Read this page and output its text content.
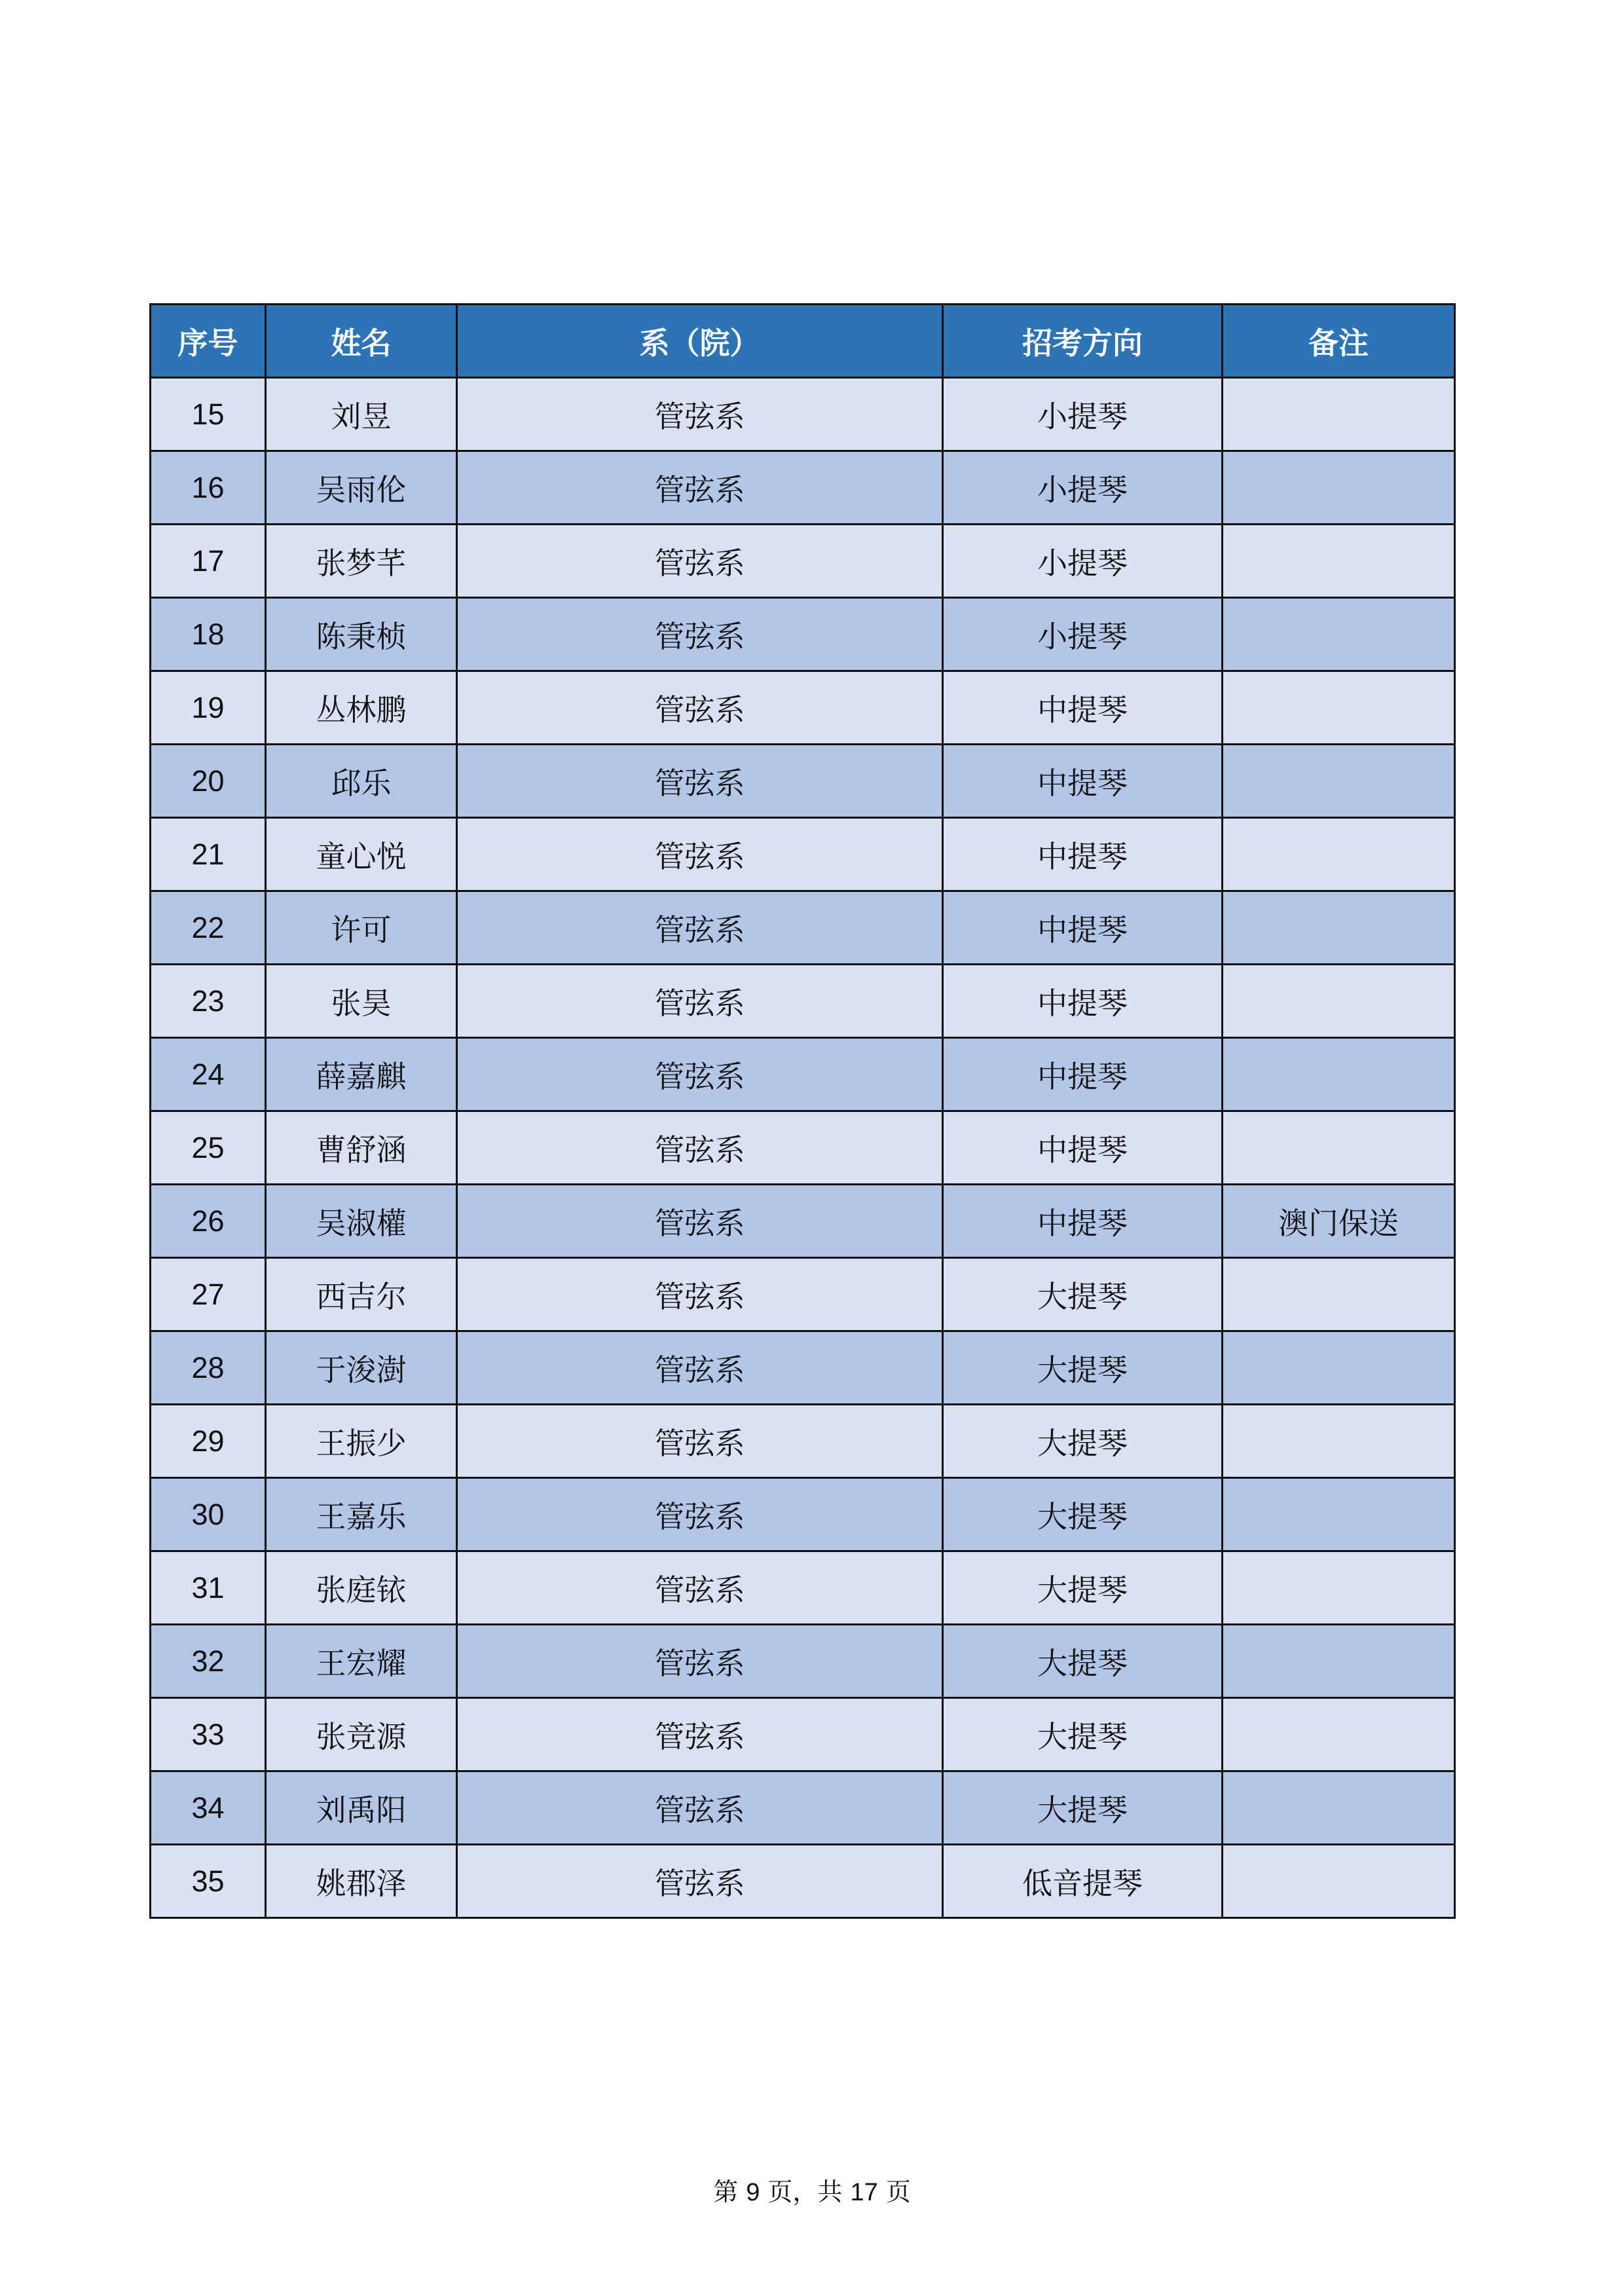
序号	姓名	系（院）	招考方向	备注
15	刘昱	管弦系	小提琴	
16	吴雨伦	管弦系	小提琴	
17	张梦芊	管弦系	小提琴	
18	陈秉桢	管弦系	小提琴	
19	丛林鹏	管弦系	中提琴	
20	邱乐	管弦系	中提琴	
21	童心悦	管弦系	中提琴	
22	许可	管弦系	中提琴	
23	张昊	管弦系	中提琴	
24	薛嘉麒	管弦系	中提琴	
25	曹舒涵	管弦系	中提琴	
26	吴淑權	管弦系	中提琴	澳门保送
27	西吉尔	管弦系	大提琴	
28	于浚澍	管弦系	大提琴	
29	王振少	管弦系	大提琴	
30	王嘉乐	管弦系	大提琴	
31	张庭铱	管弦系	大提琴	
32	王宏耀	管弦系	大提琴	
33	张竞源	管弦系	大提琴	
34	刘禹阳	管弦系	大提琴	
35	姚郡泽	管弦系	低音提琴	
第 9 页，共 17 页
